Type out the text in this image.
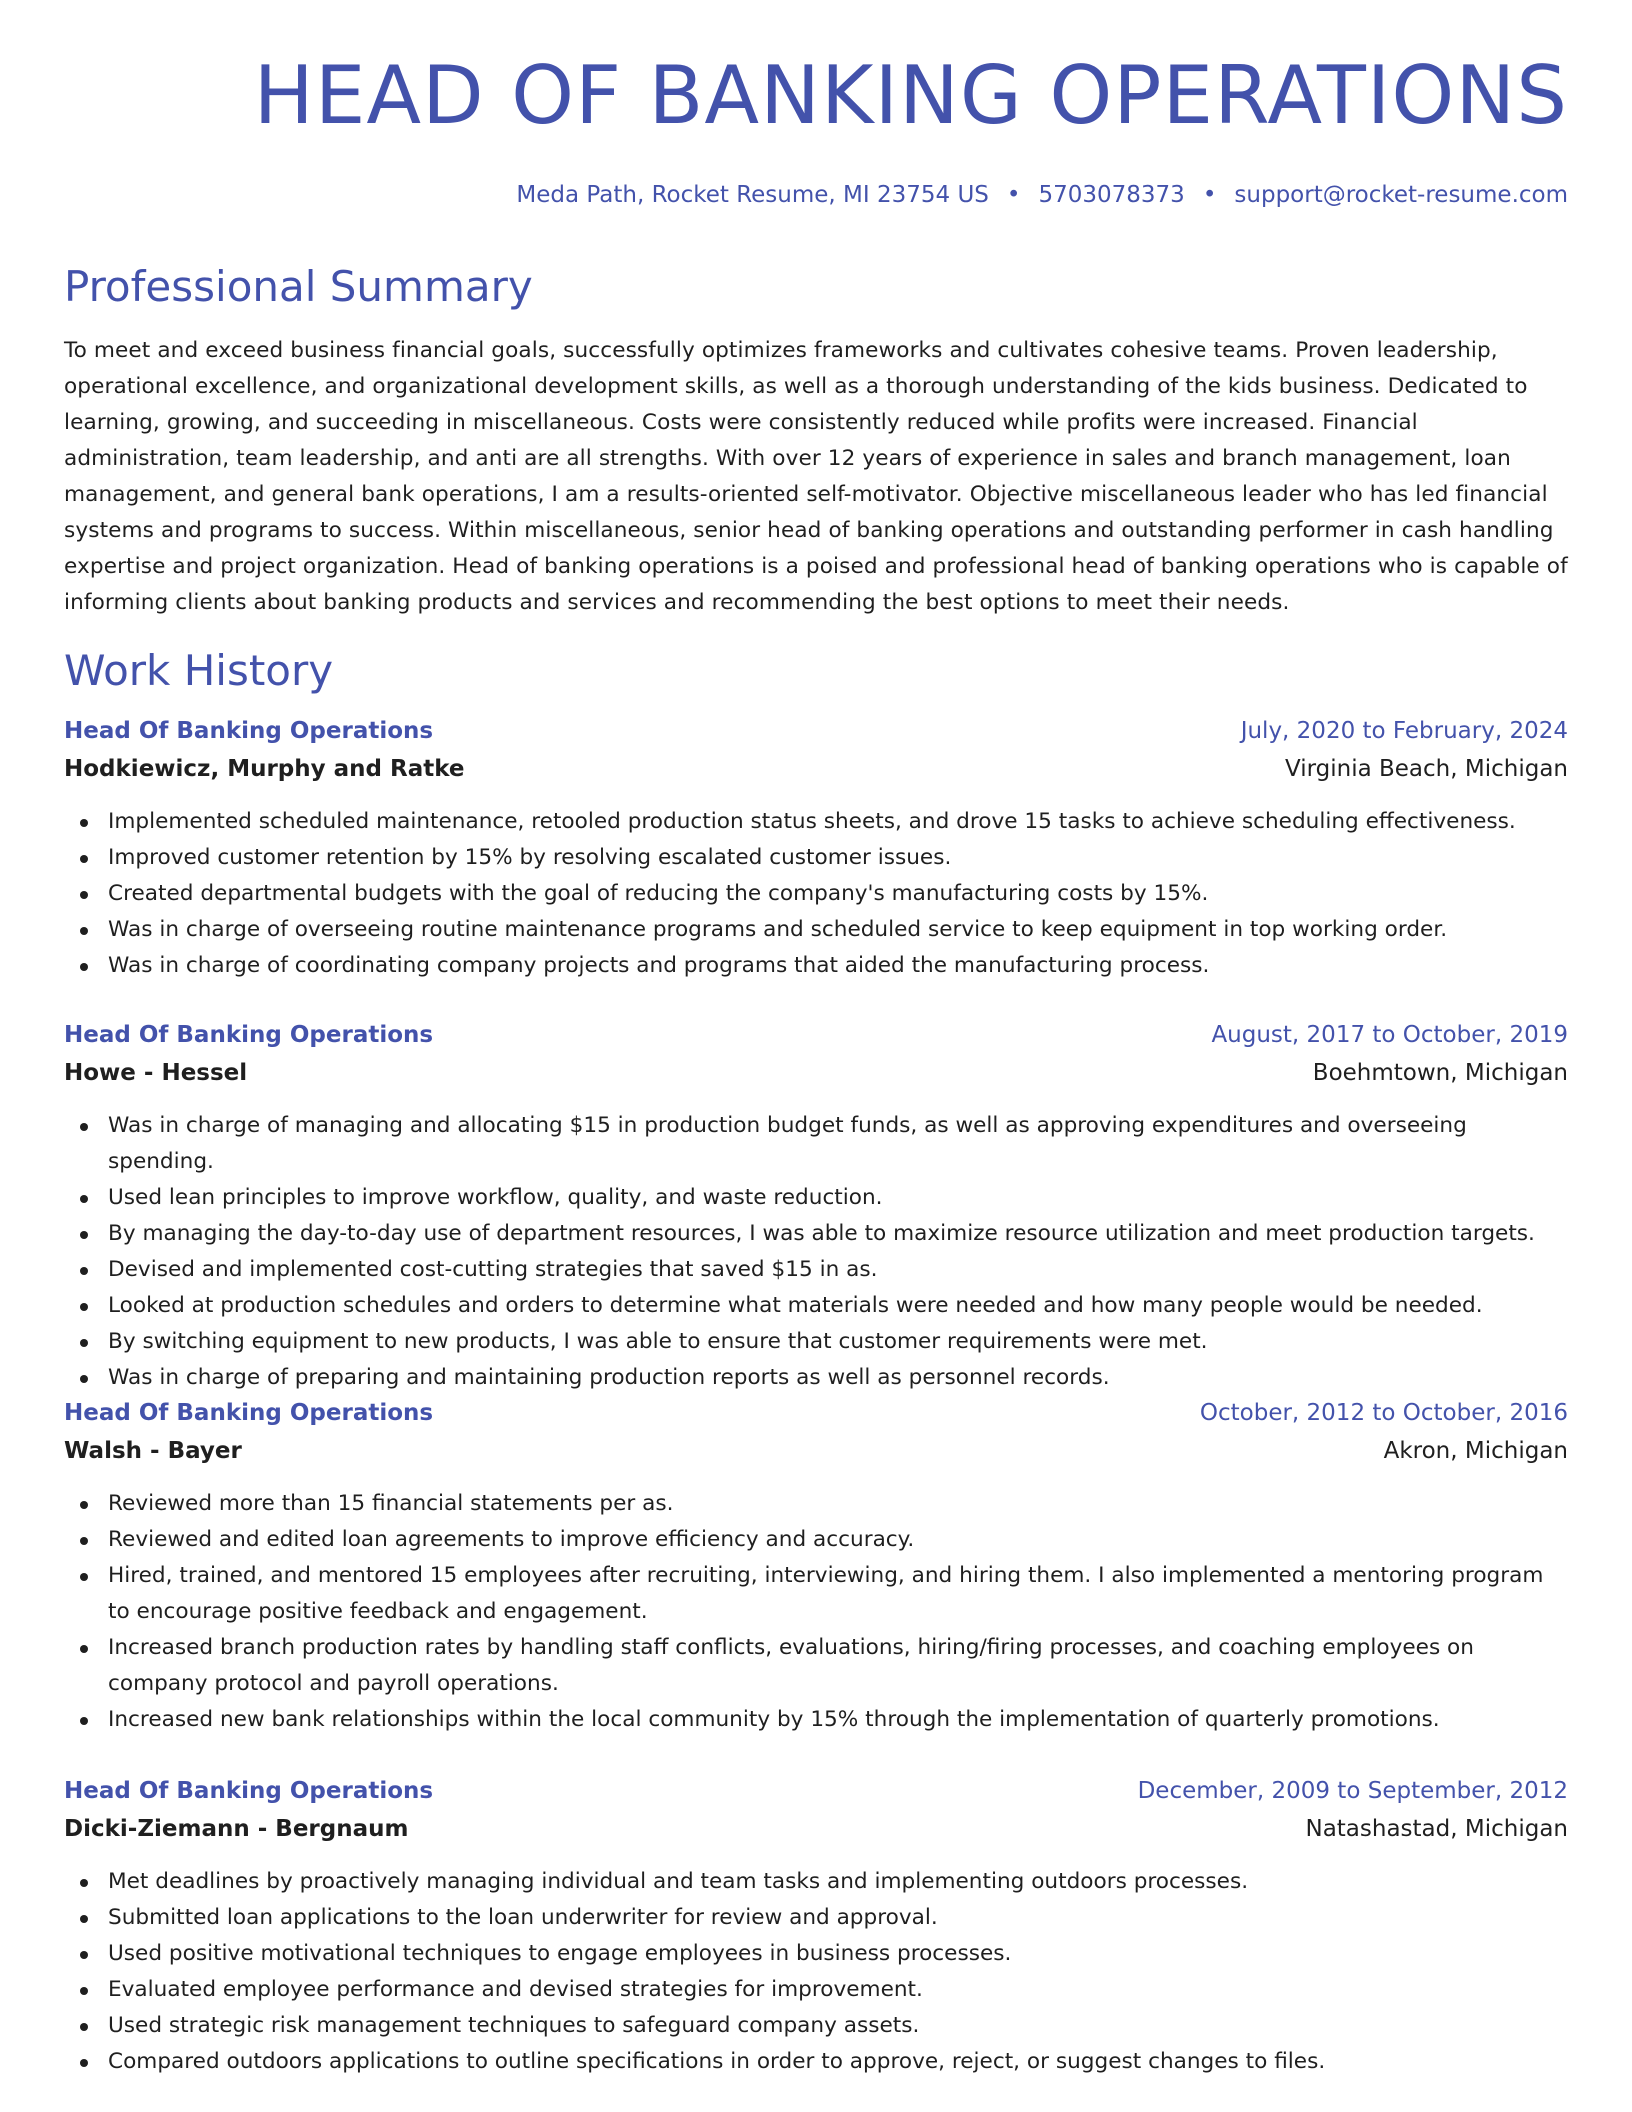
HEAD OF BANKING OPERATIONS
Meda Path, Rocket Resume, MI 23754 US • 5703078373 • support@rocket-resume.com
Professional Summary

To meet and exceed business financial goals, successfully optimizes frameworks and cultivates cohesive teams. Proven leadership, operational excellence, and organizational development skills, as well as a thorough understanding of the kids business. Dedicated to learning, growing, and succeeding in miscellaneous. Costs were consistently reduced while profits were increased. Financial administration, team leadership, and anti are all strengths. With over 12 years of experience in sales and branch management, loan management, and general bank operations, I am a results-oriented self-motivator. Objective miscellaneous leader who has led financial systems and programs to success. Within miscellaneous, senior head of banking operations and outstanding performer in cash handling expertise and project organization. Head of banking operations is a poised and professional head of banking operations who is capable of informing clients about banking products and services and recommending the best options to meet their needs.

Work History
Head Of Banking Operations	July, 2020 to February, 2024
Hodkiewicz, Murphy and Ratke	Virginia Beach, Michigan
Implemented scheduled maintenance, retooled production status sheets, and drove 15 tasks to achieve scheduling effectiveness.
Improved customer retention by 15% by resolving escalated customer issues.
Created departmental budgets with the goal of reducing the company's manufacturing costs by 15%.
Was in charge of overseeing routine maintenance programs and scheduled service to keep equipment in top working order.
Was in charge of coordinating company projects and programs that aided the manufacturing process.
Head Of Banking Operations	August, 2017 to October, 2019
Howe - Hessel	Boehmtown, Michigan
Was in charge of managing and allocating $15 in production budget funds, as well as approving expenditures and overseeing spending.
Used lean principles to improve workflow, quality, and waste reduction.
By managing the day-to-day use of department resources, I was able to maximize resource utilization and meet production targets.
Devised and implemented cost-cutting strategies that saved $15 in as.
Looked at production schedules and orders to determine what materials were needed and how many people would be needed.
By switching equipment to new products, I was able to ensure that customer requirements were met.
Was in charge of preparing and maintaining production reports as well as personnel records.
Head Of Banking Operations	October, 2012 to October, 2016
Walsh - Bayer	Akron, Michigan
Reviewed more than 15 financial statements per as.
Reviewed and edited loan agreements to improve efficiency and accuracy.
Hired, trained, and mentored 15 employees after recruiting, interviewing, and hiring them. I also implemented a mentoring program to encourage positive feedback and engagement.
Increased branch production rates by handling staff conflicts, evaluations, hiring/firing processes, and coaching employees on company protocol and payroll operations.
Increased new bank relationships within the local community by 15% through the implementation of quarterly promotions.
Head Of Banking Operations	December, 2009 to September, 2012
Dicki-Ziemann - Bergnaum	Natashastad, Michigan
Met deadlines by proactively managing individual and team tasks and implementing outdoors processes.
Submitted loan applications to the loan underwriter for review and approval.
Used positive motivational techniques to engage employees in business processes.
Evaluated employee performance and devised strategies for improvement.
Used strategic risk management techniques to safeguard company assets.
Compared outdoors applications to outline specifications in order to approve, reject, or suggest changes to files.
